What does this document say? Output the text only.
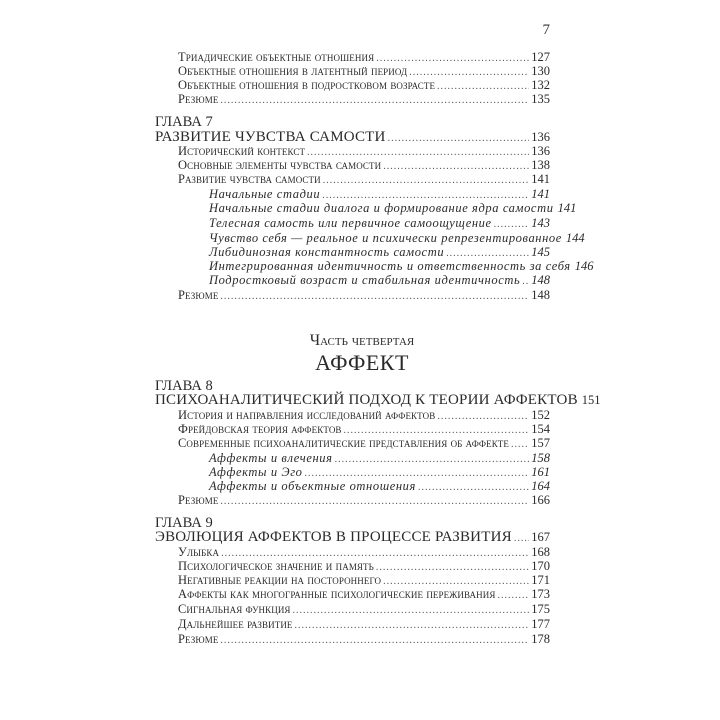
7
Триадические объектные отношения .....	127
Объектные отношения в латентный период .....	130
Объектные отношения в подростковом возрасте .....	132
Резюме .....	135
ГЛАВА 7
РАЗВИТИЕ ЧУВСТВА САМОСТИ .....	136
Исторический контекст .....	136
Основные элементы чувства самости .....	138
Развитие чувства самости .....	141
Начальные стадии .....	141
Начальные стадии диалога и формирование ядра самости 141
Телесная самость или первичное самоощущение .....	143
Чувство себя — реальное и психически репрезентированное 144
Либидинозная константность самости .....	145
Интегрированная идентичность и ответственность за себя 146
Подростковый возраст и стабильная идентичность ..... 148
Резюме .....	148
Часть четвертая
АФФЕКТ
ГЛАВА 8
ПСИХОАНАЛИТИЧЕСКИЙ ПОДХОД К ТЕОРИИ АФФЕКТОВ 151
История и направления исследований аффектов .....	152
Фрейдовская теория аффектов .....	154
Современные психоаналитические представления об аффекте ..... 157
Аффекты и влечения .....	158
Аффекты и Эго .....	161
Аффекты и объектные отношения .....	164
Резюме .....	166
ГЛАВА 9
ЭВОЛЮЦИЯ АФФЕКТОВ В ПРОЦЕССЕ РАЗВИТИЯ ..... 167
Улыбка .....	168
Психологическое значение и память .....	170
Негативные реакции на постороннего .....	171
Аффекты как многогранные психологические переживания .....	173
Сигнальная функция .....	175
Дальнейшее развитие .....	177
Резюме .....	178
